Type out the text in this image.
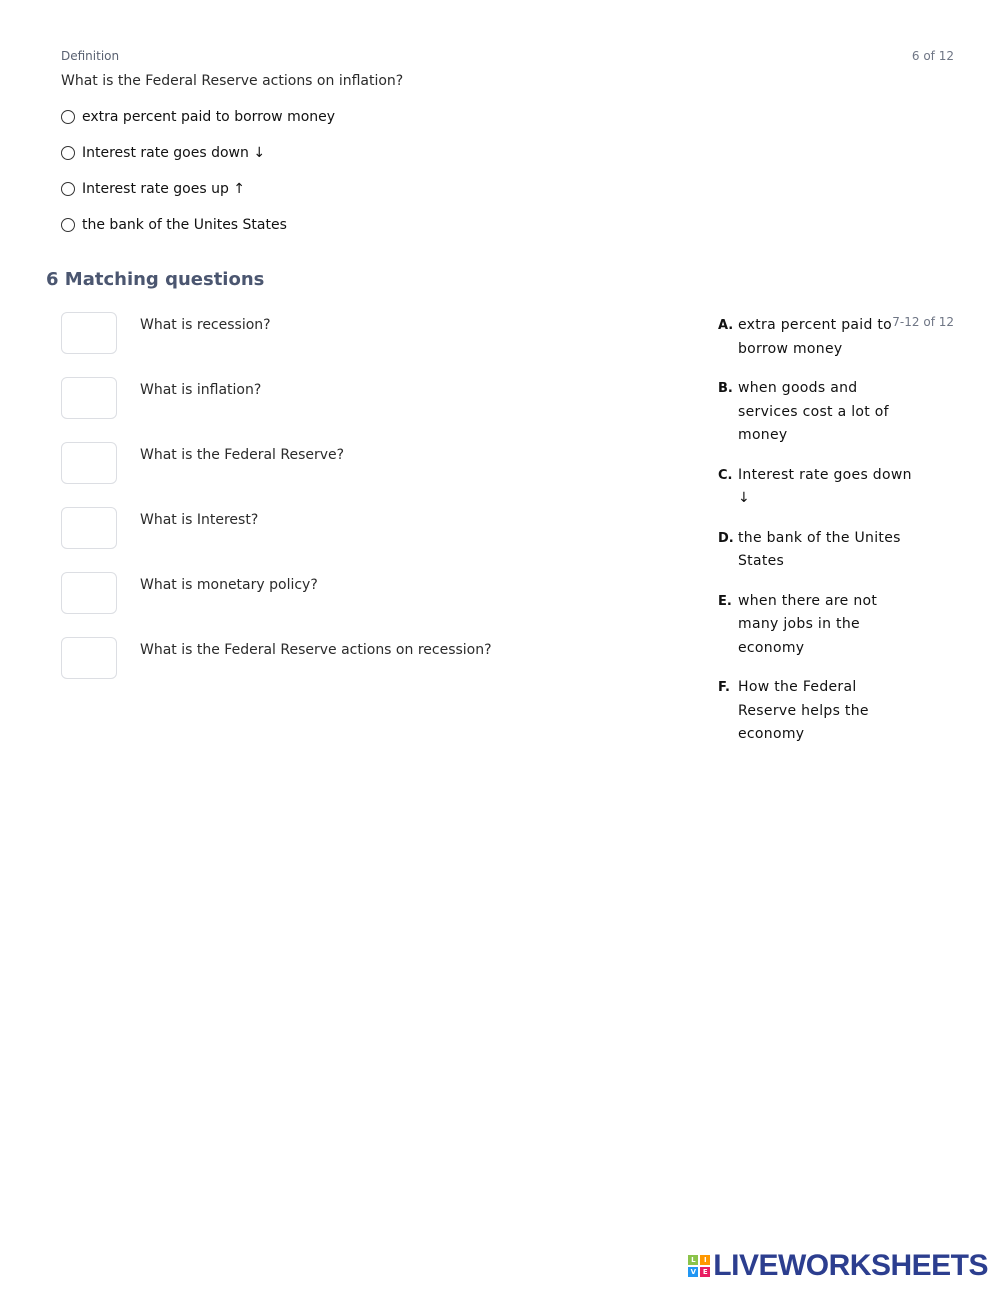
Definition	6 of 12
What is the Federal Reserve actions on inflation?
extra percent paid to borrow money
Interest rate goes down ↓
Interest rate goes up ↑
the bank of the Unites States
6 Matching questions
What is recession?
What is inflation?
What is the Federal Reserve?
What is Interest?
What is monetary policy?
What is the Federal Reserve actions on recession?
7-12 of 12
A. extra percent paid to borrow money
B. when goods and services cost a lot of money
C. Interest rate goes down ↓
D. the bank of the Unites States
E. when there are not many jobs in the economy
F. How the Federal Reserve helps the economy
L	I
V E LIVEWORKSHEETS
